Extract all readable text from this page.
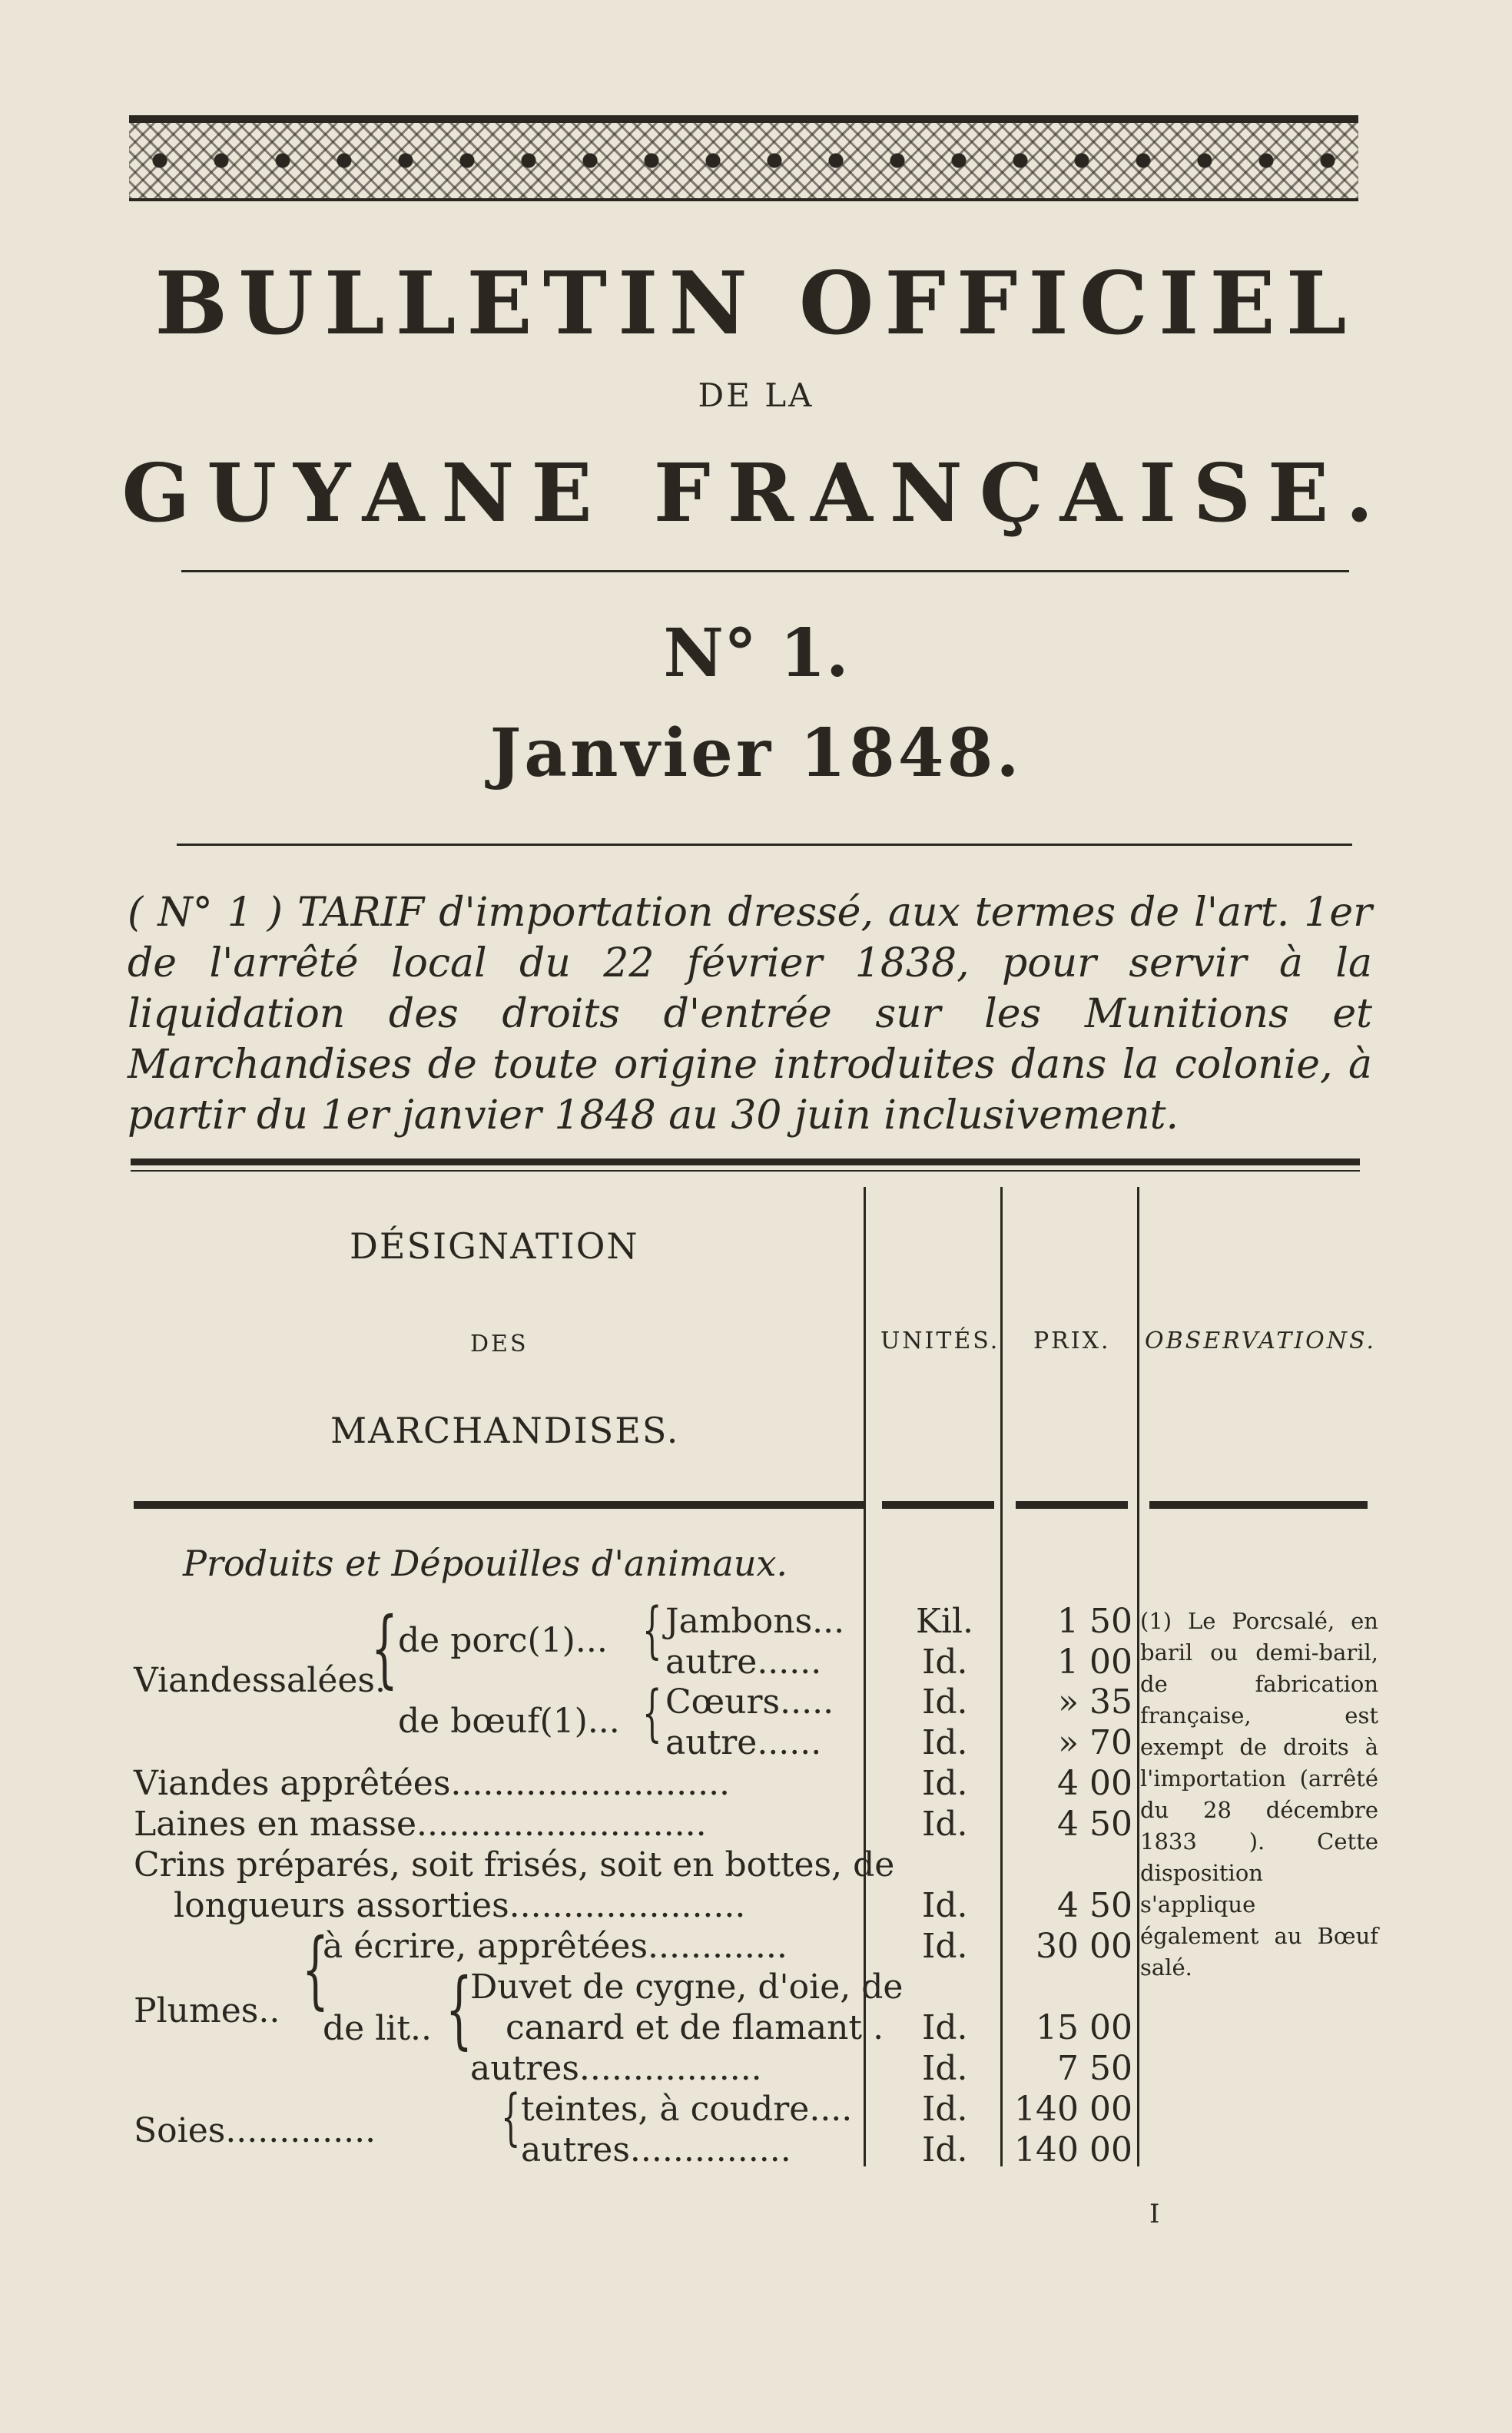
BULLETIN OFFICIEL
DE LA
GUYANE FRANÇAISE.
N° 1.
Janvier 1848.
( N° 1 ) TARIF d'importation dressé, aux termes de l'art. 1er de l'arrêté local du 22 février 1838, pour servir à la liquidation des droits d'entrée sur les Munitions et Marchandises de toute origine introduites dans la colonie, à partir du 1er janvier 1848 au 30 juin inclusivement.
DÉSIGNATION
DES
MARCHANDISES.
UNITÉS. PRIX. OBSERVATIONS.
Produits et Dépouilles d'animaux.
Viandessalées.
{ de porc(1)...
de bœuf(1)...
{
{
Jambons...
autre......
Cœurs.....
autre......
Viandes apprêtées..........................
Laines en masse...........................
Crins préparés, soit frisés, soit en bottes, de
longueurs assorties......................
Plumes.. {
à écrire, apprêtées.............
de lit.. {
Duvet de cygne, d'oie, de
canard et de flamant .
autres.................
Soies.............. { teintes, à coudre....
autres...............
Kil.
Id.
Id.
Id.
Id.
Id.
Id.
Id.
Id.
Id.
Id.
Id.
1 50
1 00
» 35
» 70
4 00
4 50
4 50
30 00
15 00
7 50
140 00
140 00
(1) Le Porcsalé, en baril ou demi-baril, de fabrication française, est exempt de droits à l'importation (arrêté du 28 décembre 1833 ). Cette disposition s'applique également au Bœuf salé.
I
